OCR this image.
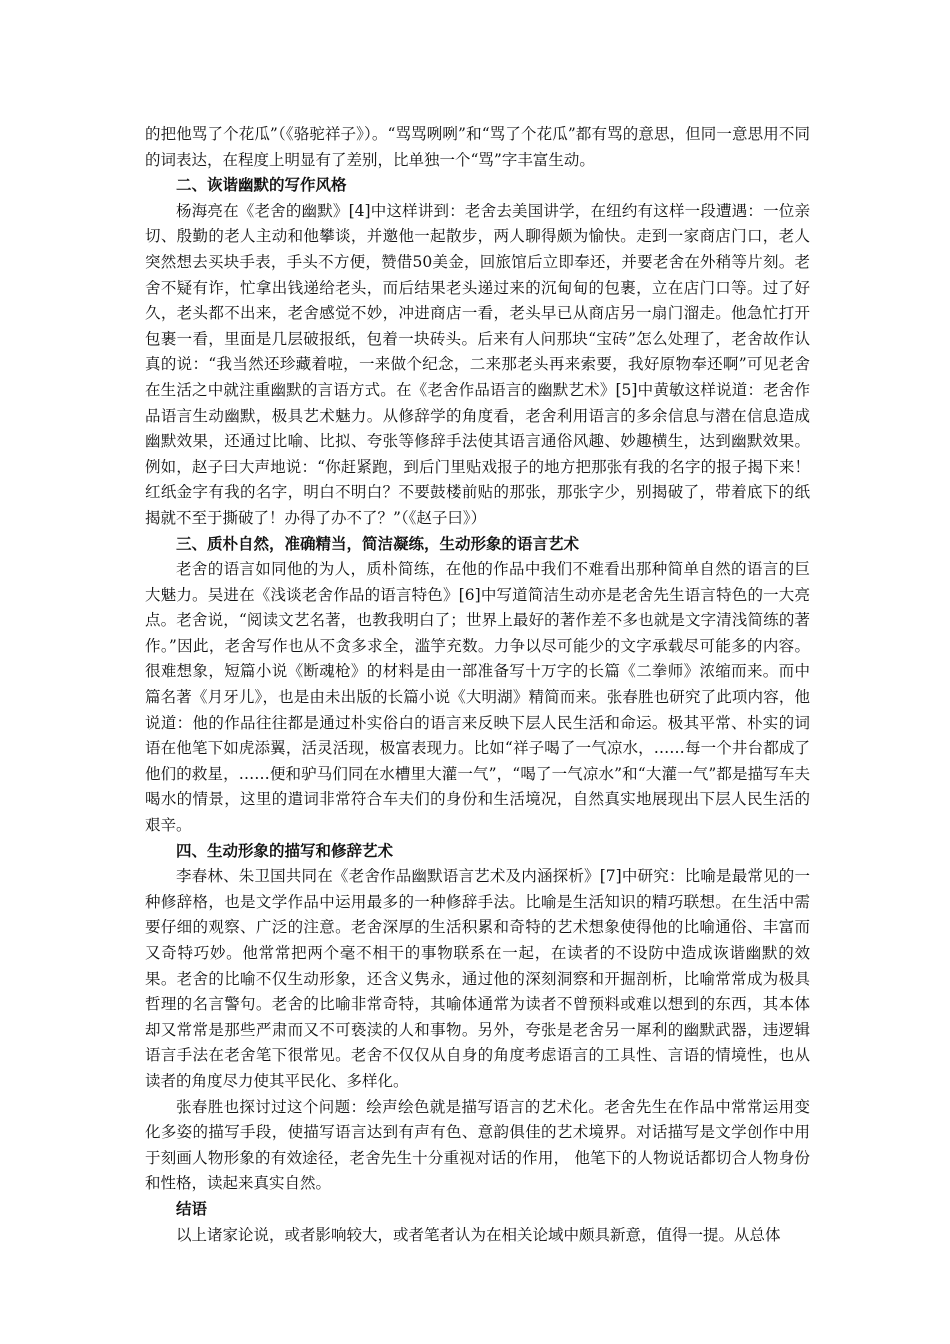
的把他骂了个花瓜”（《骆驼祥子》）。“骂骂咧咧”和“骂了个花瓜”都有骂的意思，但同一意思用不同的词表达，在程度上明显有了差别，比单独一个“骂”字丰富生动。

二、诙谐幽默的写作风格

杨海亮在《老舍的幽默》[4]中这样讲到：老舍去美国讲学，在纽约有这样一段遭遇：一位亲切、殷勤的老人主动和他攀谈，并邀他一起散步，两人聊得颇为愉快。走到一家商店门口，老人突然想去买块手表，手头不方便，赞借50美金，回旅馆后立即奉还，并要老舍在外稍等片刻。老舍不疑有诈，忙拿出钱递给老头，而后结果老头递过来的沉甸甸的包裹，立在店门口等。过了好久，老头都不出来，老舍感觉不妙，冲进商店一看，老头早已从商店另一扇门溜走。他急忙打开包裹一看，里面是几层破报纸，包着一块砖头。后来有人问那块“宝砖”怎么处理了，老舍故作认真的说：“我当然还珍藏着啦，一来做个纪念，二来那老头再来索要，我好原物奉还啊”可见老舍在生活之中就注重幽默的言语方式。在《老舍作品语言的幽默艺术》[5]中黄敏这样说道：老舍作品语言生动幽默，极具艺术魅力。从修辞学的角度看，老舍利用语言的多余信息与潜在信息造成幽默效果，还通过比喻、比拟、夸张等修辞手法使其语言通俗风趣、妙趣横生，达到幽默效果。例如，赵子曰大声地说：“你赶紧跑，到后门里贴戏报子的地方把那张有我的名字的报子揭下来！红纸金字有我的名字，明白不明白？不要鼓楼前贴的那张，那张字少，别揭破了，带着底下的纸揭就不至于撕破了！办得了办不了？”（《赵子曰》）

三、质朴自然，准确精当，简洁凝练，生动形象的语言艺术

老舍的语言如同他的为人，质朴简练，在他的作品中我们不难看出那种简单自然的语言的巨大魅力。吴进在《浅谈老舍作品的语言特色》[6]中写道简洁生动亦是老舍先生语言特色的一大亮点。老舍说，“阅读文艺名著，也教我明白了；世界上最好的著作差不多也就是文字清浅简练的著作。”因此，老舍写作也从不贪多求全，滥竽充数。力争以尽可能少的文字承载尽可能多的内容。很难想象，短篇小说《断魂枪》的材料是由一部准备写十万字的长篇《二拳师》浓缩而来。而中篇名著《月牙儿》，也是由未出版的长篇小说《大明湖》精简而来。张春胜也研究了此项内容，他说道：他的作品往往都是通过朴实俗白的语言来反映下层人民生活和命运。极其平常、朴实的词语在他笔下如虎添翼，活灵活现，极富表现力。比如“祥子喝了一气凉水，……每一个井台都成了他们的救星，……便和驴马们同在水槽里大灌一气”，“喝了一气凉水”和“大灌一气”都是描写车夫喝水的情景，这里的遣词非常符合车夫们的身份和生活境况，自然真实地展现出下层人民生活的艰辛。

四、生动形象的描写和修辞艺术

李春林、朱卫国共同在《老舍作品幽默语言艺术及内涵探析》[7]中研究：比喻是最常见的一种修辞格，也是文学作品中运用最多的一种修辞手法。比喻是生活知识的精巧联想。在生活中需要仔细的观察、广泛的注意。老舍深厚的生活积累和奇特的艺术想象使得他的比喻通俗、丰富而又奇特巧妙。他常常把两个毫不相干的事物联系在一起，在读者的不设防中造成诙谐幽默的效果。老舍的比喻不仅生动形象，还含义隽永，通过他的深刻洞察和开掘剖析，比喻常常成为极具哲理的名言警句。老舍的比喻非常奇特，其喻体通常为读者不曾预料或难以想到的东西，其本体却又常常是那些严肃而又不可亵渎的人和事物。另外，夸张是老舍另一犀利的幽默武器，违逻辑语言手法在老舍笔下很常见。老舍不仅仅从自身的角度考虑语言的工具性、言语的情境性，也从读者的角度尽力使其平民化、多样化。

张春胜也探讨过这个问题：绘声绘色就是描写语言的艺术化。老舍先生在作品中常常运用变化多姿的描写手段，使描写语言达到有声有色、意韵俱佳的艺术境界。对话描写是文学创作中用于刻画人物形象的有效途径，老舍先生十分重视对话的作用， 他笔下的人物说话都切合人物身份和性格，读起来真实自然。

结语

以上诸家论说，或者影响较大，或者笔者认为在相关论域中颇具新意，值得一提。从总体
